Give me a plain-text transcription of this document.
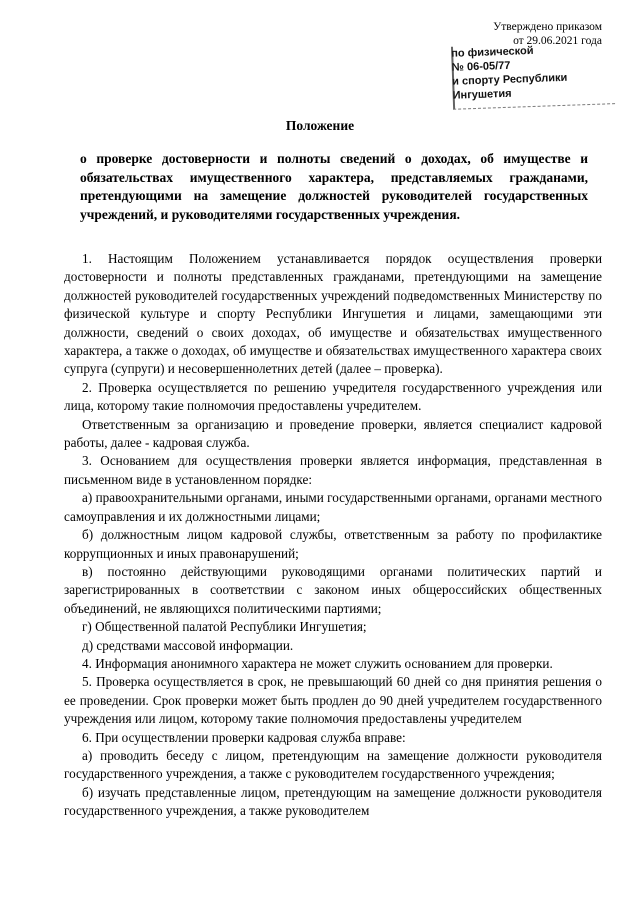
Утверждено приказом
от 29.06.2021 года
по физической
№ 06-05/77
и спорту Республики
Ингушетия
Положение
о проверке достоверности и полноты сведений о доходах, об имуществе и обязательствах имущественного характера, представляемых гражданами, претендующими на замещение должностей руководителей государственных учреждений, и руководителями государственных учреждения.

1. Настоящим Положением устанавливается порядок осуществления проверки достоверности и полноты представленных гражданами, претендующими на замещение должностей руководителей государственных учреждений подведомственных Министерству по физической культуре и спорту Республики Ингушетия и лицами, замещающими эти должности, сведений о своих доходах, об имуществе и обязательствах имущественного характера, а также о доходах, об имуществе и обязательствах имущественного характера своих супруга (супруги) и несовершеннолетних детей (далее – проверка).

2. Проверка осуществляется по решению учредителя государственного учреждения или лица, которому такие полномочия предоставлены учредителем.

Ответственным за организацию и проведение проверки, является специалист кадровой работы, далее - кадровая служба.

3. Основанием для осуществления проверки является информация, представленная в письменном виде в установленном порядке:

а) правоохранительными органами, иными государственными органами, органами местного самоуправления и их должностными лицами;

б) должностным лицом кадровой службы, ответственным за работу по профилактике коррупционных и иных правонарушений;

в) постоянно действующими руководящими органами политических партий и зарегистрированных в соответствии с законом иных общероссийских общественных объединений, не являющихся политическими партиями;

г) Общественной палатой Республики Ингушетия;

д) средствами массовой информации.

4. Информация анонимного характера не может служить основанием для проверки.

5. Проверка осуществляется в срок, не превышающий 60 дней со дня принятия решения о ее проведении. Срок проверки может быть продлен до 90 дней учредителем государственного учреждения или лицом, которому такие полномочия предоставлены учредителем

6. При осуществлении проверки кадровая служба вправе:

а) проводить беседу с лицом, претендующим на замещение должности руководителя государственного учреждения, а также с руководителем государственного учреждения;

б) изучать представленные лицом, претендующим на замещение должности руководителя государственного учреждения, а также руководителем
